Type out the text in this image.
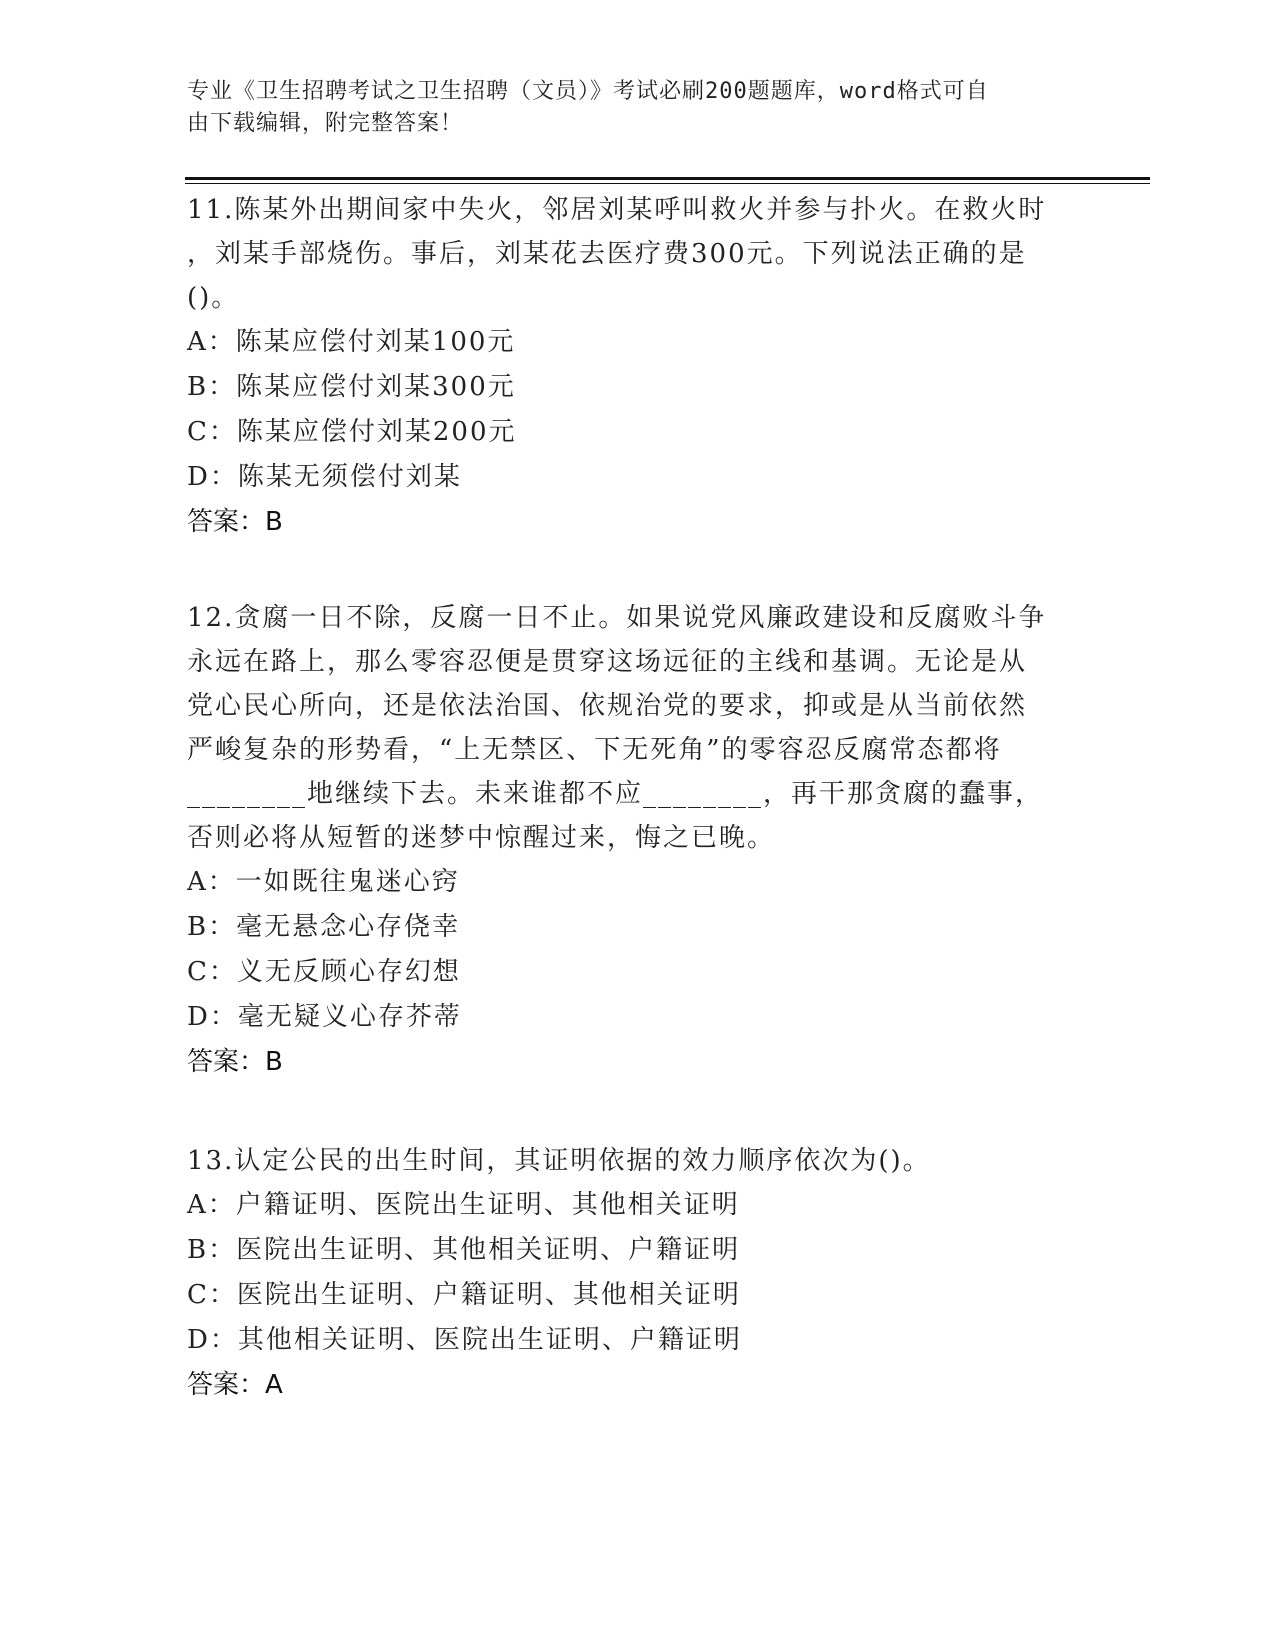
专业《卫生招聘考试之卫生招聘（文员）》考试必刷200题题库，word格式可自
由下载编辑，附完整答案！
11.陈某外出期间家中失火，邻居刘某呼叫救火并参与扑火。在救火时
，刘某手部烧伤。事后，刘某花去医疗费300元。下列说法正确的是
()。
A：陈某应偿付刘某100元
B：陈某应偿付刘某300元
C：陈某应偿付刘某200元
D：陈某无须偿付刘某
答案：B
12.贪腐一日不除，反腐一日不止。如果说党风廉政建设和反腐败斗争
永远在路上，那么零容忍便是贯穿这场远征的主线和基调。无论是从
党心民心所向，还是依法治国、依规治党的要求，抑或是从当前依然
严峻复杂的形势看，“上无禁区、下无死角”的零容忍反腐常态都将
________地继续下去。未来谁都不应________，再干那贪腐的蠢事，
否则必将从短暂的迷梦中惊醒过来，悔之已晚。
A：一如既往鬼迷心窍
B：毫无悬念心存侥幸
C：义无反顾心存幻想
D：毫无疑义心存芥蒂
答案：B
13.认定公民的出生时间，其证明依据的效力顺序依次为()。
A：户籍证明、医院出生证明、其他相关证明
B：医院出生证明、其他相关证明、户籍证明
C：医院出生证明、户籍证明、其他相关证明
D：其他相关证明、医院出生证明、户籍证明
答案：A
